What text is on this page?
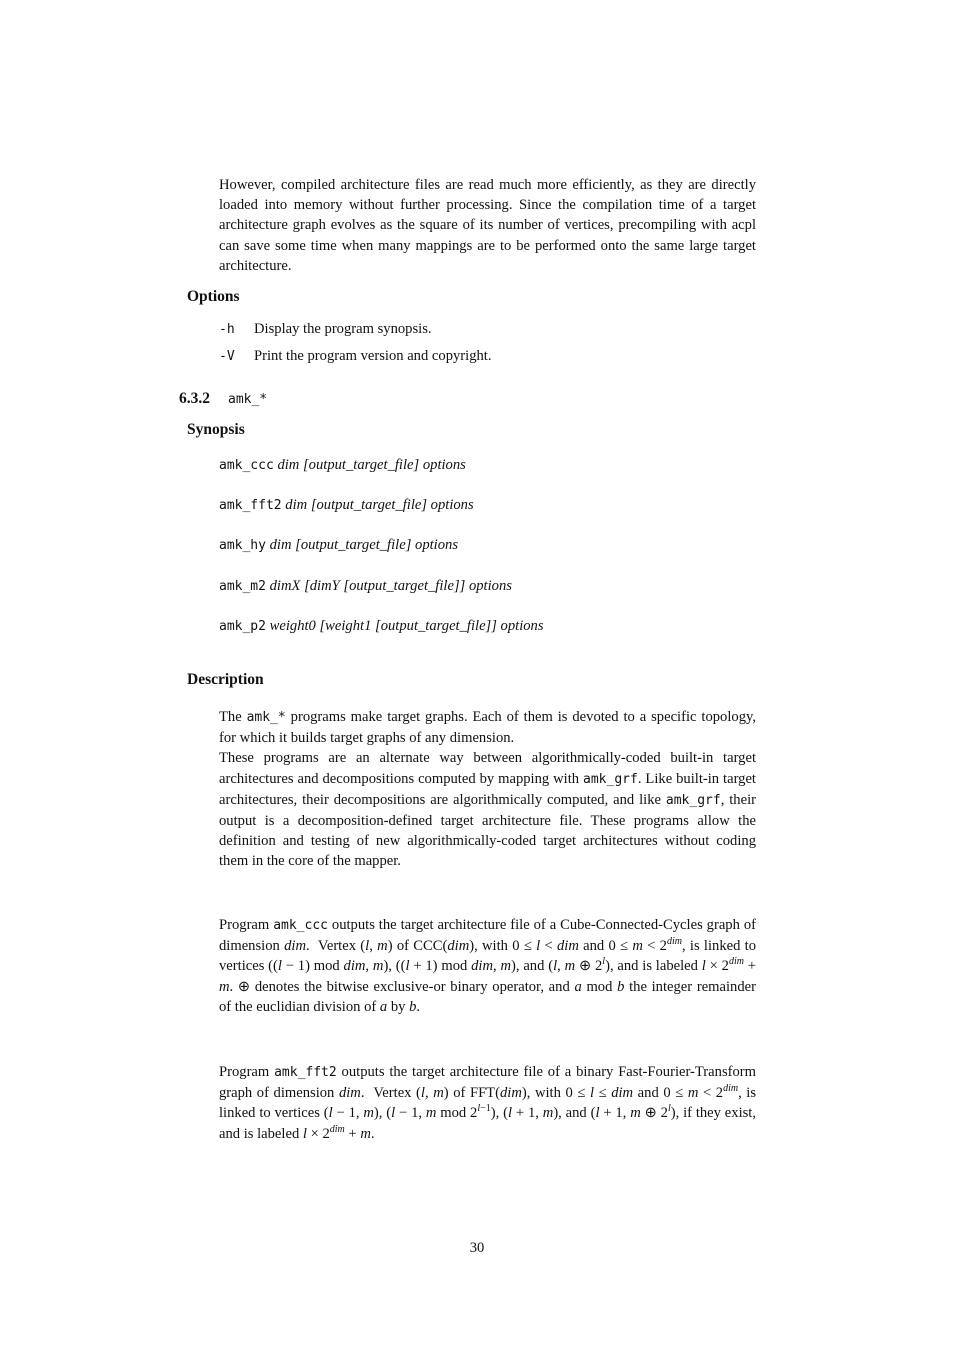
However, compiled architecture files are read much more efficiently, as they are directly loaded into memory without further processing. Since the compilation time of a target architecture graph evolves as the square of its number of vertices, precompiling with acpl can save some time when many mappings are to be performed onto the same large target architecture.
Options
-h Display the program synopsis.
-V Print the program version and copyright.
6.3.2 amk_*
Synopsis
amk_ccc dim [output_target_file] options
amk_fft2 dim [output_target_file] options
amk_hy dim [output_target_file] options
amk_m2 dimX [dimY [output_target_file]] options
amk_p2 weight0 [weight1 [output_target_file]] options
Description
The amk_* programs make target graphs. Each of them is devoted to a specific topology, for which it builds target graphs of any dimension.
These programs are an alternate way between algorithmically-coded built-in target architectures and decompositions computed by mapping with amk_grf. Like built-in target architectures, their decompositions are algorithmically computed, and like amk_grf, their output is a decomposition-defined target architecture file. These programs allow the definition and testing of new algorithmically-coded target architectures without coding them in the core of the mapper.
Program amk_ccc outputs the target architecture file of a Cube-Connected-Cycles graph of dimension dim.  Vertex (l, m) of CCC(dim), with 0 ≤ l < dim and $0 \le m < 2^{dim}$, is linked to vertices ((l − 1) mod dim, m), ((l + 1) mod dim, m), and (l, m ⊕ 2$^l$), and is labeled $l \times 2^{dim} + m$. ⊕ denotes the bitwise exclusive-or binary operator, and a mod b the integer remainder of the euclidian division of a by b.
Program amk_fft2 outputs the target architecture file of a binary Fast-Fourier-Transform graph of dimension dim.  Vertex (l, m) of FFT(dim), with 0 ≤ l ≤ dim and $0 \le m < 2^{dim}$, is linked to vertices (l − 1, m), (l − 1, m mod $2^{l-1}$), (l + 1, m), and (l + 1, m ⊕ 2$^l$), if they exist, and is labeled $l \times 2^{dim} + m$.
30
